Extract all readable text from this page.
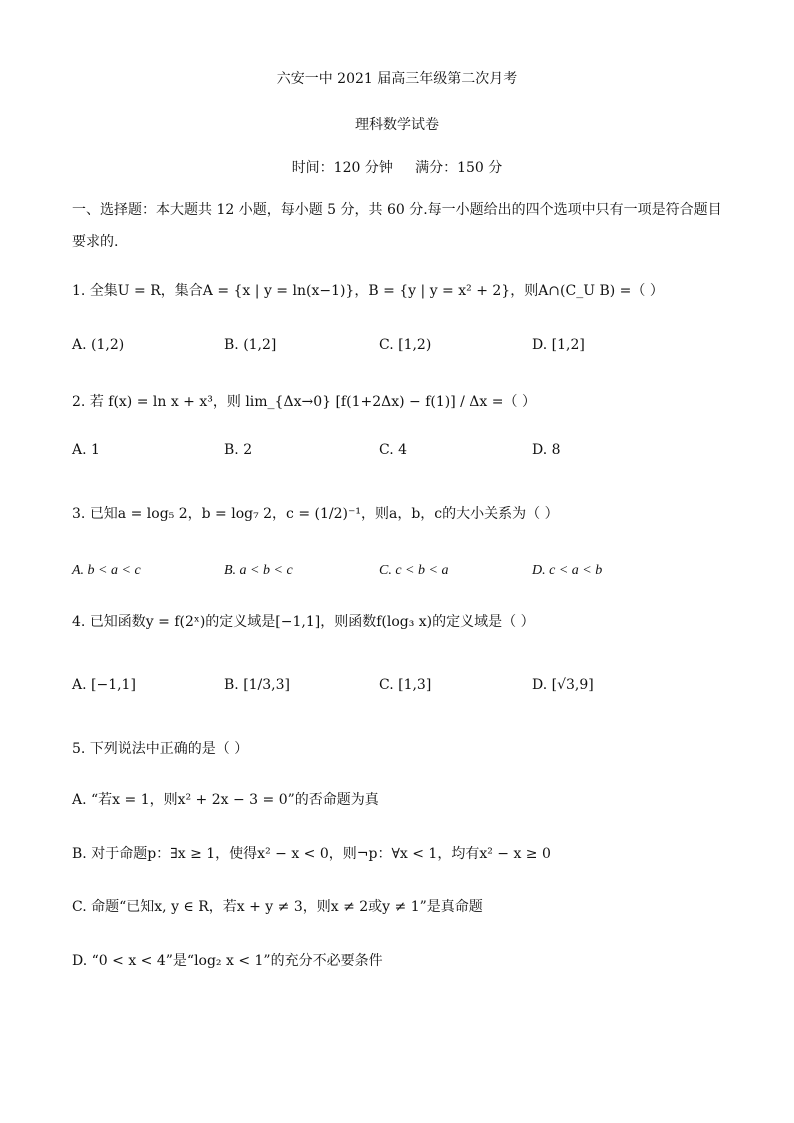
六安一中 2021 届高三年级第二次月考
理科数学试卷
时间：120 分钟     满分：150 分
一、选择题：本大题共 12 小题，每小题 5 分，共 60 分.每一小题给出的四个选项中只有一项是符合题目要求的.
1. 全集U = R，集合A = {x | y = ln(x−1)}，B = {y | y = x² + 2}，则A∩(C_U B) =（ ）
A. (1,2)	B. (1,2]	C. [1,2)	D. [1,2]
2. 若 f(x) = ln x + x³，则 lim_{Δx→0} [f(1+2Δx) − f(1)] / Δx =（ ）
A. 1	B. 2	C. 4	D. 8
3. 已知a = log₅ 2，b = log₇ 2，c = (1/2)⁻¹，则a，b，c的大小关系为（ ）
A. b < a < c	B. a < b < c	C. c < b < a	D. c < a < b
4. 已知函数y = f(2ˣ)的定义域是[−1,1]，则函数f(log₃ x)的定义域是（ ）
A. [−1,1]	B. [1/3,3]	C. [1,3]	D. [√3,9]
5. 下列说法中正确的是（ ）
A. “若x = 1，则x² + 2x − 3 = 0”的否命题为真
B. 对于命题p：∃x ≥ 1，使得x² − x < 0，则¬p：∀x < 1，均有x² − x ≥ 0
C. 命题“已知x, y ∈ R，若x + y ≠ 3，则x ≠ 2或y ≠ 1”是真命题
D. “0 < x < 4”是“log₂ x < 1”的充分不必要条件
